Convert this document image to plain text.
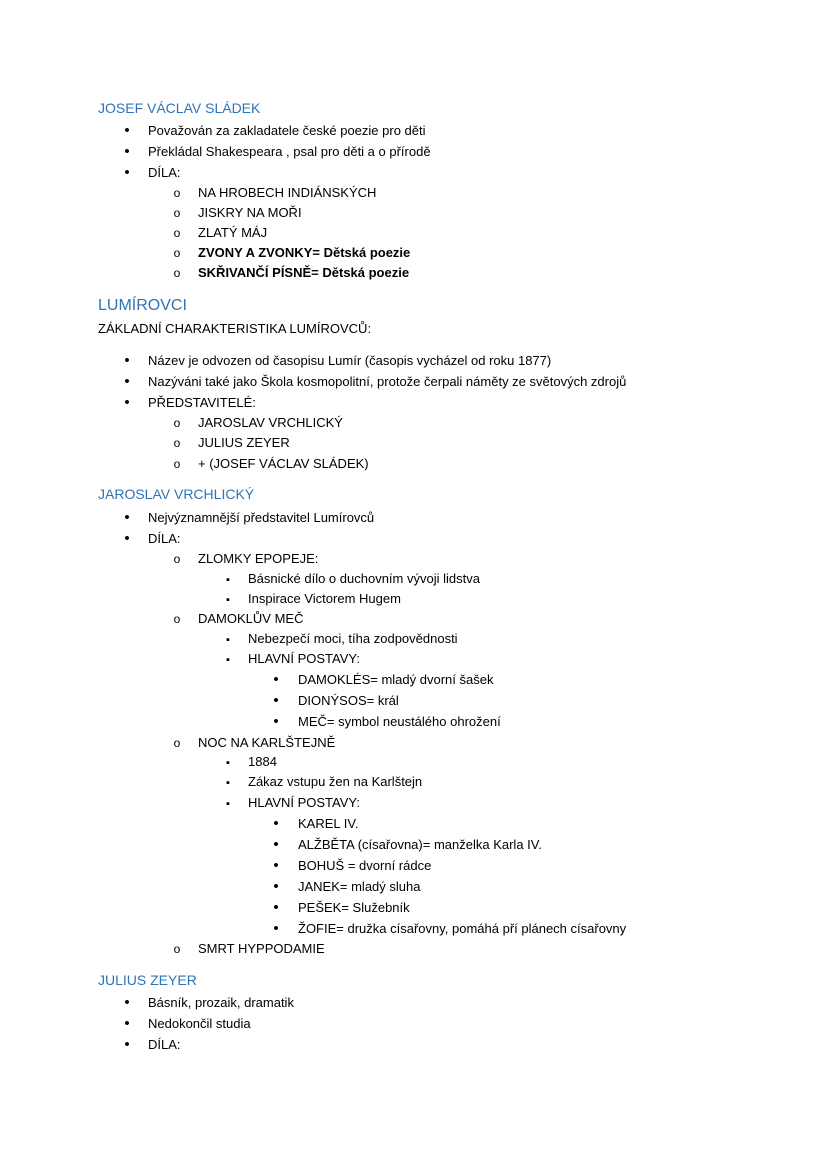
JOSEF VÁCLAV SLÁDEK
•
Považován za zakladatele české poezie pro děti
•
Překládal Shakespeara , psal pro děti a o přírodě
•
DÍLA:
o
NA HROBECH INDIÁNSKÝCH
o
JISKRY NA MOŘI
o
ZLATÝ MÁJ
o
ZVONY A ZVONKY= Dětská poezie
o
SKŘIVANČÍ PÍSNĚ= Dětská poezie
LUMÍROVCI
ZÁKLADNÍ CHARAKTERISTIKA LUMÍROVCŮ:
•
Název je odvozen od časopisu Lumír (časopis vycházel od roku 1877)
•
Nazýváni také jako Škola kosmopolitní, protože čerpali náměty ze světových zdrojů
•
PŘEDSTAVITELÉ:
o
JAROSLAV VRCHLICKÝ
o
JULIUS ZEYER
o
+ (JOSEF VÁCLAV SLÁDEK)
JAROSLAV VRCHLICKÝ
•
Nejvýznamnější představitel Lumírovců
•
DÍLA:
o
ZLOMKY EPOPEJE:
▪
Básnické dílo o duchovním vývoji lidstva
▪
Inspirace Victorem Hugem
o
DAMOKLŮV MEČ
▪
Nebezpečí moci, tíha zodpovědnosti
▪
HLAVNÍ POSTAVY:
•
DAMOKLÉS= mladý dvorní šašek
•
DIONÝSOS= král
•
MEČ= symbol neustálého ohrožení
o
NOC NA KARLŠTEJNĚ
▪
1884
▪
Zákaz vstupu žen na Karlštejn
▪
HLAVNÍ POSTAVY:
•
KAREL IV.
•
ALŽBĚTA (císařovna)= manželka Karla IV.
•
BOHUŠ = dvorní rádce
•
JANEK= mladý sluha
•
PEŠEK= Služebník
•
ŽOFIE= družka císařovny, pomáhá pří plánech císařovny
o
SMRT HYPPODAMIE
JULIUS ZEYER
•
Básník, prozaik, dramatik
•
Nedokončil studia
•
DÍLA:
